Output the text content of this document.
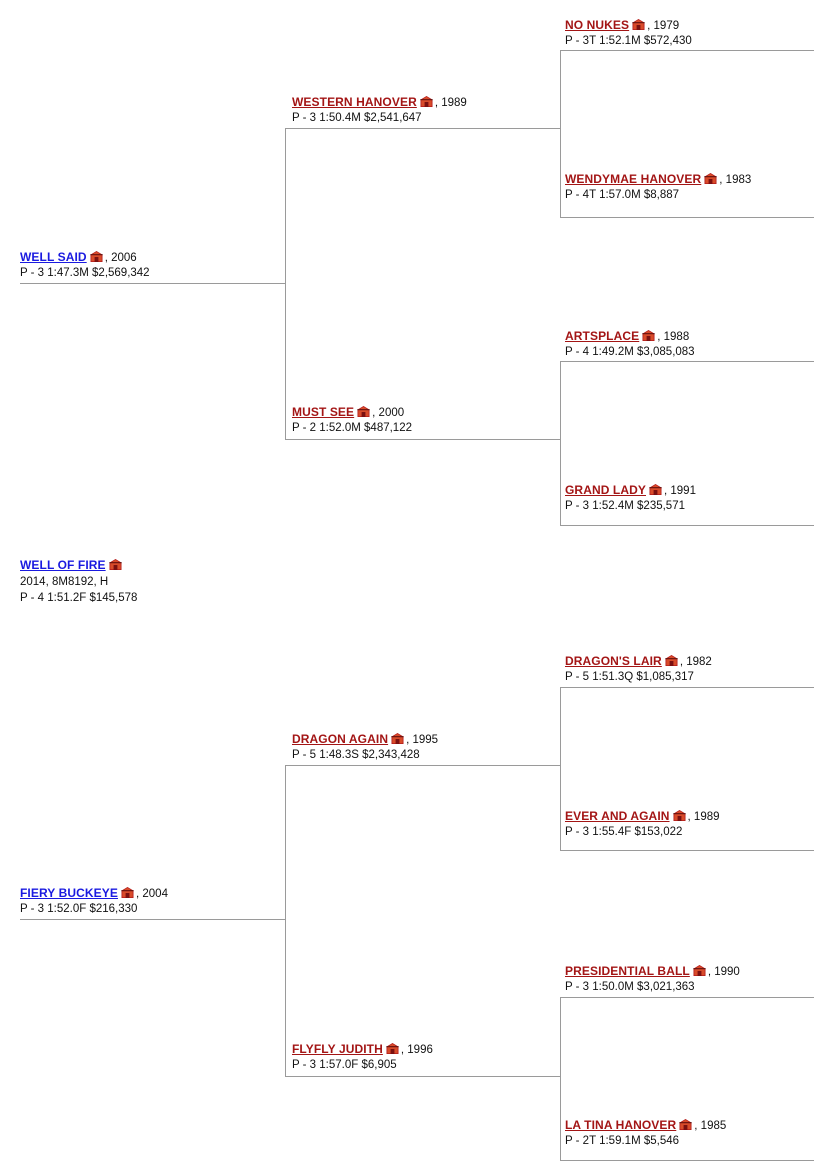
NO NUKES , 1979
P - 3T 1:52.1M $572,430
WESTERN HANOVER , 1989
P - 3 1:50.4M $2,541,647
WENDYMAE HANOVER , 1983
P - 4T 1:57.0M $8,887
WELL SAID , 2006
P - 3 1:47.3M $2,569,342
ARTSPLACE , 1988
P - 4 1:49.2M $3,085,083
MUST SEE , 2000
P - 2 1:52.0M $487,122
GRAND LADY , 1991
P - 3 1:52.4M $235,571
WELL OF FIRE
2014, 8M8192, H
P - 4 1:51.2F $145,578
DRAGON'S LAIR , 1982
P - 5 1:51.3Q $1,085,317
DRAGON AGAIN , 1995
P - 5 1:48.3S $2,343,428
EVER AND AGAIN , 1989
P - 3 1:55.4F $153,022
FIERY BUCKEYE , 2004
P - 3 1:52.0F $216,330
PRESIDENTIAL BALL , 1990
P - 3 1:50.0M $3,021,363
FLYFLY JUDITH , 1996
P - 3 1:57.0F $6,905
LA TINA HANOVER , 1985
P - 2T 1:59.1M $5,546
